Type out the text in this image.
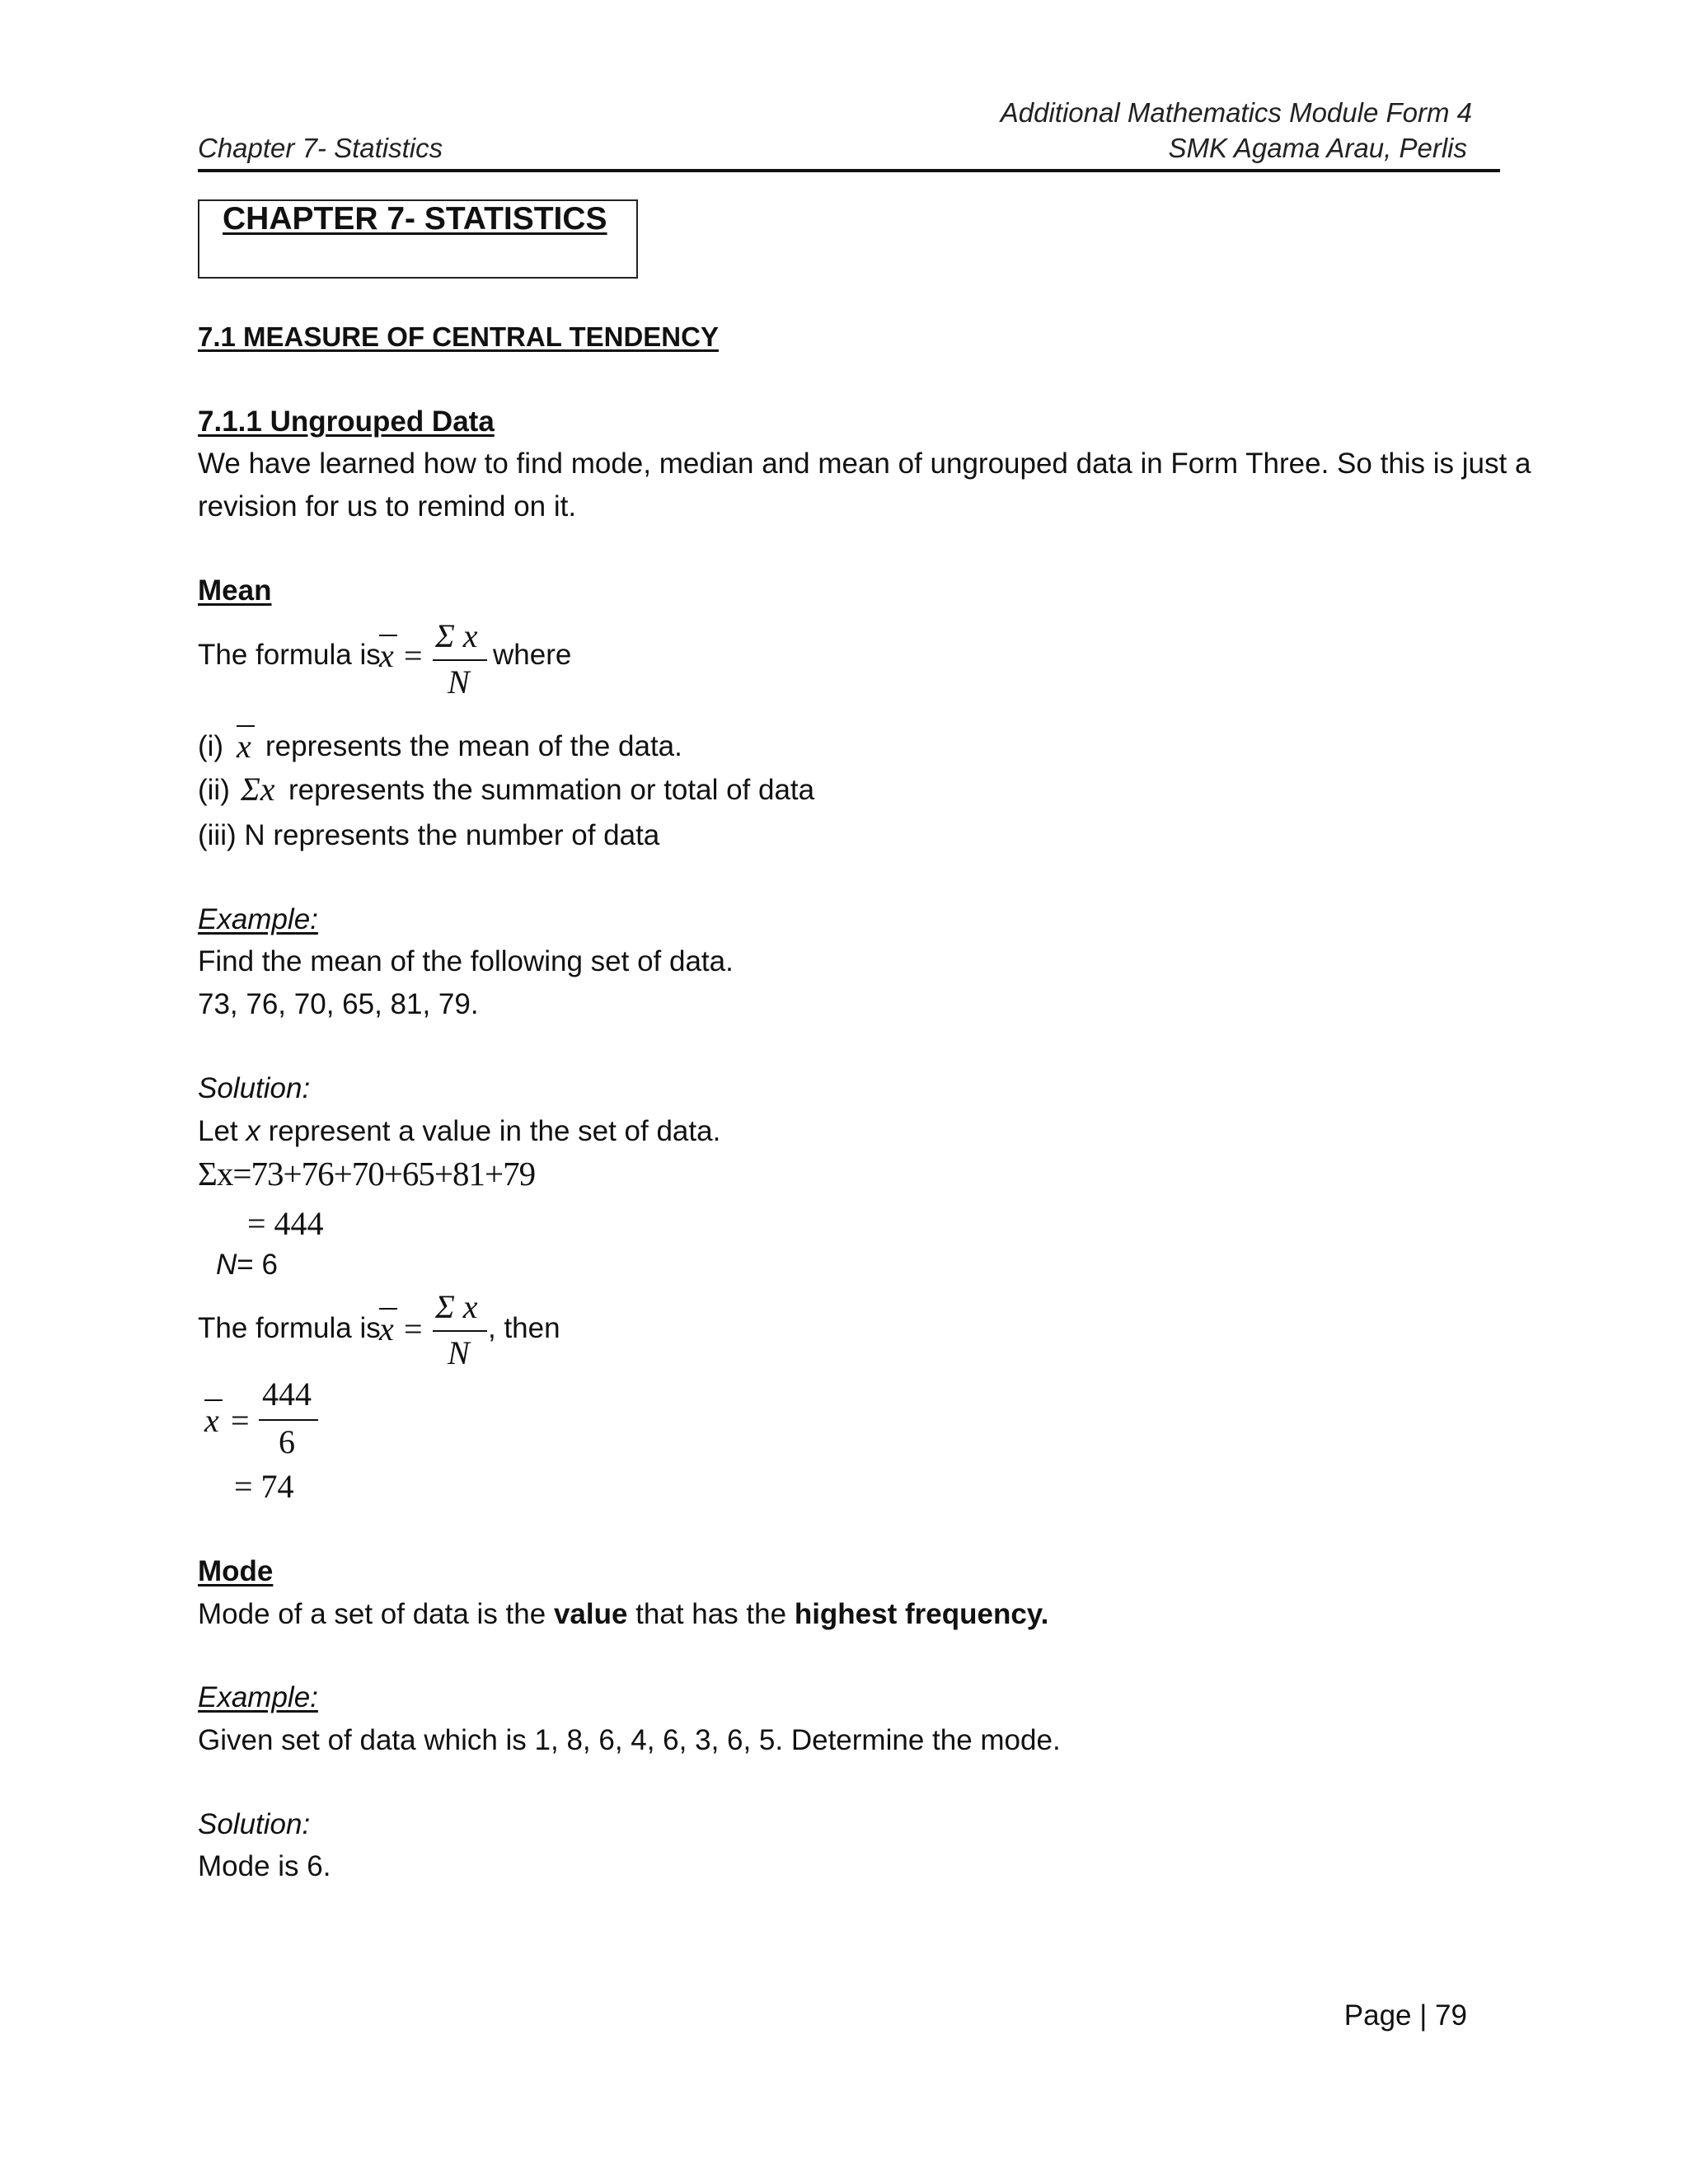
Additional Mathematics Module Form 4
Chapter 7- Statistics	SMK Agama Arau, Perlis
CHAPTER 7- STATISTICS
7.1 MEASURE OF CENTRAL TENDENCY
7.1.1 Ungrouped Data
We have learned how to find mode, median and mean of ungrouped data in Form Three. So this is just a
revision for us to remind on it.
Mean
The formula is
x =
Σ x
N
where
(i) x represents the mean of the data.
(ii) Σx represents the summation or total of data
(iii) N represents the number of data
Example:
Find the mean of the following set of data.
73, 76, 70, 65, 81, 79.
Solution:
Let x represent a value in the set of data.
Σx=73+76+70+65+81+79
= 444
N= 6
The formula is
x =
Σ x
N
, then
x =
444
6
= 74
Mode
Mode of a set of data is the value that has the highest frequency.
Example:
Given set of data which is 1, 8, 6, 4, 6, 3, 6, 5. Determine the mode.
Solution:
Mode is 6.
Page | 79
